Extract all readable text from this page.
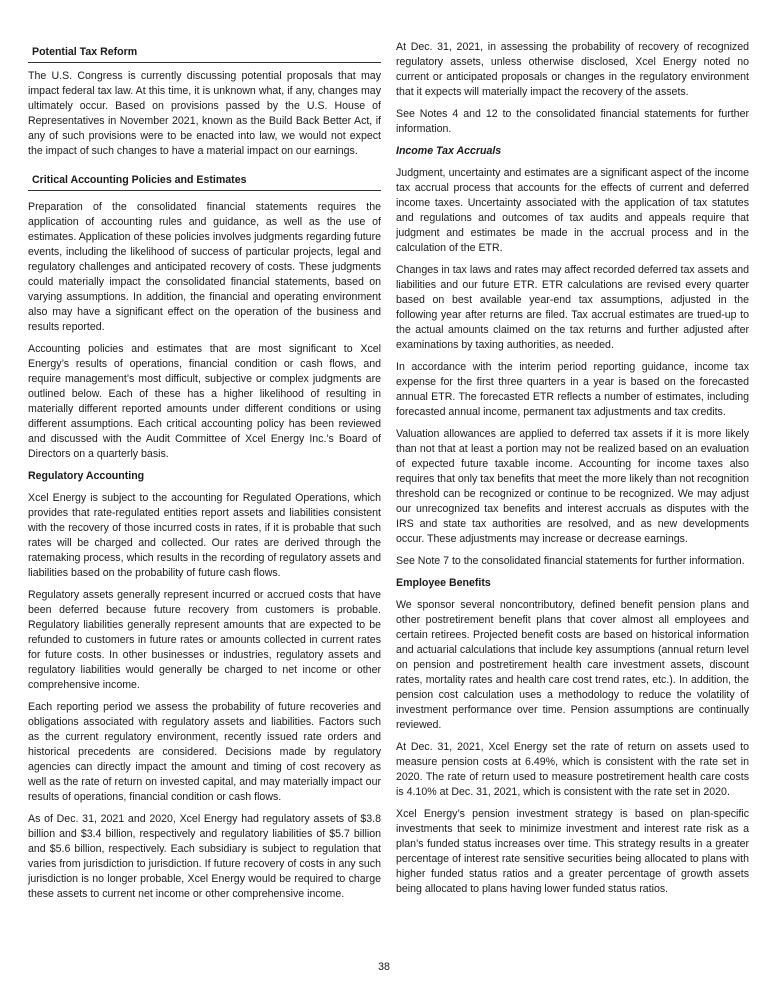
Potential Tax Reform

The U.S. Congress is currently discussing potential proposals that may impact federal tax law. At this time, it is unknown what, if any, changes may ultimately occur. Based on provisions passed by the U.S. House of Representatives in November 2021, known as the Build Back Better Act, if any of such provisions were to be enacted into law, we would not expect the impact of such changes to have a material impact on our earnings.

Critical Accounting Policies and Estimates

Preparation of the consolidated financial statements requires the application of accounting rules and guidance, as well as the use of estimates. Application of these policies involves judgments regarding future events, including the likelihood of success of particular projects, legal and regulatory challenges and anticipated recovery of costs. These judgments could materially impact the consolidated financial statements, based on varying assumptions. In addition, the financial and operating environment also may have a significant effect on the operation of the business and results reported.

Accounting policies and estimates that are most significant to Xcel Energy’s results of operations, financial condition or cash flows, and require management’s most difficult, subjective or complex judgments are outlined below. Each of these has a higher likelihood of resulting in materially different reported amounts under different conditions or using different assumptions. Each critical accounting policy has been reviewed and discussed with the Audit Committee of Xcel Energy Inc.’s Board of Directors on a quarterly basis.

Regulatory Accounting

Xcel Energy is subject to the accounting for Regulated Operations, which provides that rate-regulated entities report assets and liabilities consistent with the recovery of those incurred costs in rates, if it is probable that such rates will be charged and collected. Our rates are derived through the ratemaking process, which results in the recording of regulatory assets and liabilities based on the probability of future cash flows.

Regulatory assets generally represent incurred or accrued costs that have been deferred because future recovery from customers is probable. Regulatory liabilities generally represent amounts that are expected to be refunded to customers in future rates or amounts collected in current rates for future costs. In other businesses or industries, regulatory assets and regulatory liabilities would generally be charged to net income or other comprehensive income.

Each reporting period we assess the probability of future recoveries and obligations associated with regulatory assets and liabilities. Factors such as the current regulatory environment, recently issued rate orders and historical precedents are considered. Decisions made by regulatory agencies can directly impact the amount and timing of cost recovery as well as the rate of return on invested capital, and may materially impact our results of operations, financial condition or cash flows.

As of Dec. 31, 2021 and 2020, Xcel Energy had regulatory assets of $3.8 billion and $3.4 billion, respectively and regulatory liabilities of $5.7 billion and $5.6 billion, respectively. Each subsidiary is subject to regulation that varies from jurisdiction to jurisdiction. If future recovery of costs in any such jurisdiction is no longer probable, Xcel Energy would be required to charge these assets to current net income or other comprehensive income.

At Dec. 31, 2021, in assessing the probability of recovery of recognized regulatory assets, unless otherwise disclosed, Xcel Energy noted no current or anticipated proposals or changes in the regulatory environment that it expects will materially impact the recovery of the assets.

See Notes 4 and 12 to the consolidated financial statements for further information.

Income Tax Accruals

Judgment, uncertainty and estimates are a significant aspect of the income tax accrual process that accounts for the effects of current and deferred income taxes. Uncertainty associated with the application of tax statutes and regulations and outcomes of tax audits and appeals require that judgment and estimates be made in the accrual process and in the calculation of the ETR.

Changes in tax laws and rates may affect recorded deferred tax assets and liabilities and our future ETR. ETR calculations are revised every quarter based on best available year-end tax assumptions, adjusted in the following year after returns are filed. Tax accrual estimates are trued-up to the actual amounts claimed on the tax returns and further adjusted after examinations by taxing authorities, as needed.

In accordance with the interim period reporting guidance, income tax expense for the first three quarters in a year is based on the forecasted annual ETR. The forecasted ETR reflects a number of estimates, including forecasted annual income, permanent tax adjustments and tax credits.

Valuation allowances are applied to deferred tax assets if it is more likely than not that at least a portion may not be realized based on an evaluation of expected future taxable income. Accounting for income taxes also requires that only tax benefits that meet the more likely than not recognition threshold can be recognized or continue to be recognized. We may adjust our unrecognized tax benefits and interest accruals as disputes with the IRS and state tax authorities are resolved, and as new developments occur. These adjustments may increase or decrease earnings.

See Note 7 to the consolidated financial statements for further information.

Employee Benefits

We sponsor several noncontributory, defined benefit pension plans and other postretirement benefit plans that cover almost all employees and certain retirees. Projected benefit costs are based on historical information and actuarial calculations that include key assumptions (annual return level on pension and postretirement health care investment assets, discount rates, mortality rates and health care cost trend rates, etc.). In addition, the pension cost calculation uses a methodology to reduce the volatility of investment performance over time. Pension assumptions are continually reviewed.

At Dec. 31, 2021, Xcel Energy set the rate of return on assets used to measure pension costs at 6.49%, which is consistent with the rate set in 2020. The rate of return used to measure postretirement health care costs is 4.10% at Dec. 31, 2021, which is consistent with the rate set in 2020.

Xcel Energy’s pension investment strategy is based on plan-specific investments that seek to minimize investment and interest rate risk as a plan’s funded status increases over time. This strategy results in a greater percentage of interest rate sensitive securities being allocated to plans with higher funded status ratios and a greater percentage of growth assets being allocated to plans having lower funded status ratios.

38
